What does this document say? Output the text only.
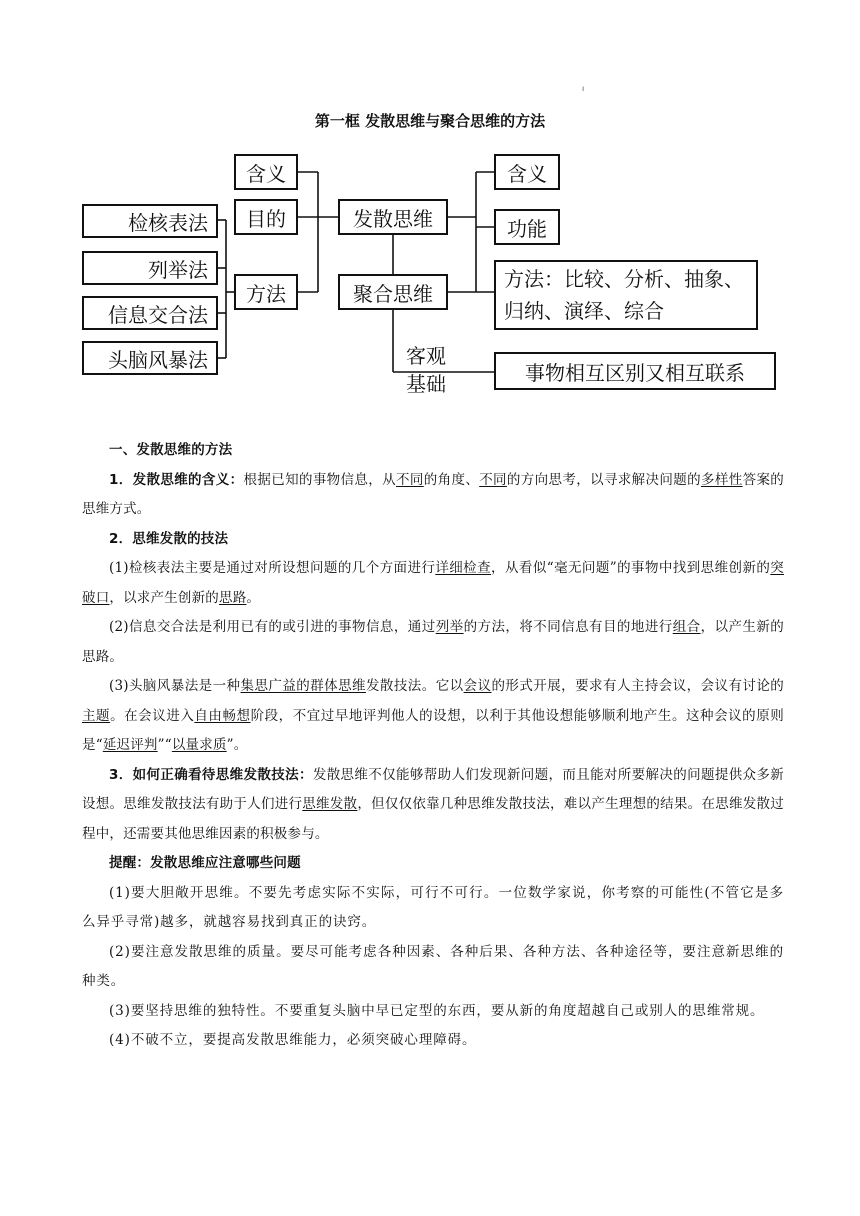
ı
第一框 发散思维与聚合思维的方法
检核表法
列举法
信息交合法
头脑风暴法
含义
目的
方法
发散思维
聚合思维
客观
基础
含义
功能
方法：比较、分析、抽象、
归纳、演绎、综合
事物相互区别又相互联系

一、发散思维的方法

1．发散思维的含义：根据已知的事物信息，从不同的角度、不同的方向思考，以寻求解决问题的多样性答案的思维方式。

2．思维发散的技法

(1)检核表法主要是通过对所设想问题的几个方面进行详细检查，从看似“毫无问题”的事物中找到思维创新的突破口，以求产生创新的思路。

(2)信息交合法是利用已有的或引进的事物信息，通过列举的方法，将不同信息有目的地进行组合，以产生新的思路。

(3)头脑风暴法是一种集思广益的群体思维发散技法。它以会议的形式开展，要求有人主持会议，会议有讨论的主题。在会议进入自由畅想阶段，不宜过早地评判他人的设想，以利于其他设想能够顺利地产生。这种会议的原则是“延迟评判”“以量求质”。

3．如何正确看待思维发散技法：发散思维不仅能够帮助人们发现新问题，而且能对所要解决的问题提供众多新设想。思维发散技法有助于人们进行思维发散，但仅仅依靠几种思维发散技法，难以产生理想的结果。在思维发散过程中，还需要其他思维因素的积极参与。

提醒：发散思维应注意哪些问题

(1)要大胆敞开思维。不要先考虑实际不实际，可行不可行。一位数学家说，你考察的可能性(不管它是多么异乎寻常)越多，就越容易找到真正的诀窍。

(2)要注意发散思维的质量。要尽可能考虑各种因素、各种后果、各种方法、各种途径等，要注意新思维的种类。

(3)要坚持思维的独特性。不要重复头脑中早已定型的东西，要从新的角度超越自己或别人的思维常规。

(4)不破不立，要提高发散思维能力，必须突破心理障碍。
